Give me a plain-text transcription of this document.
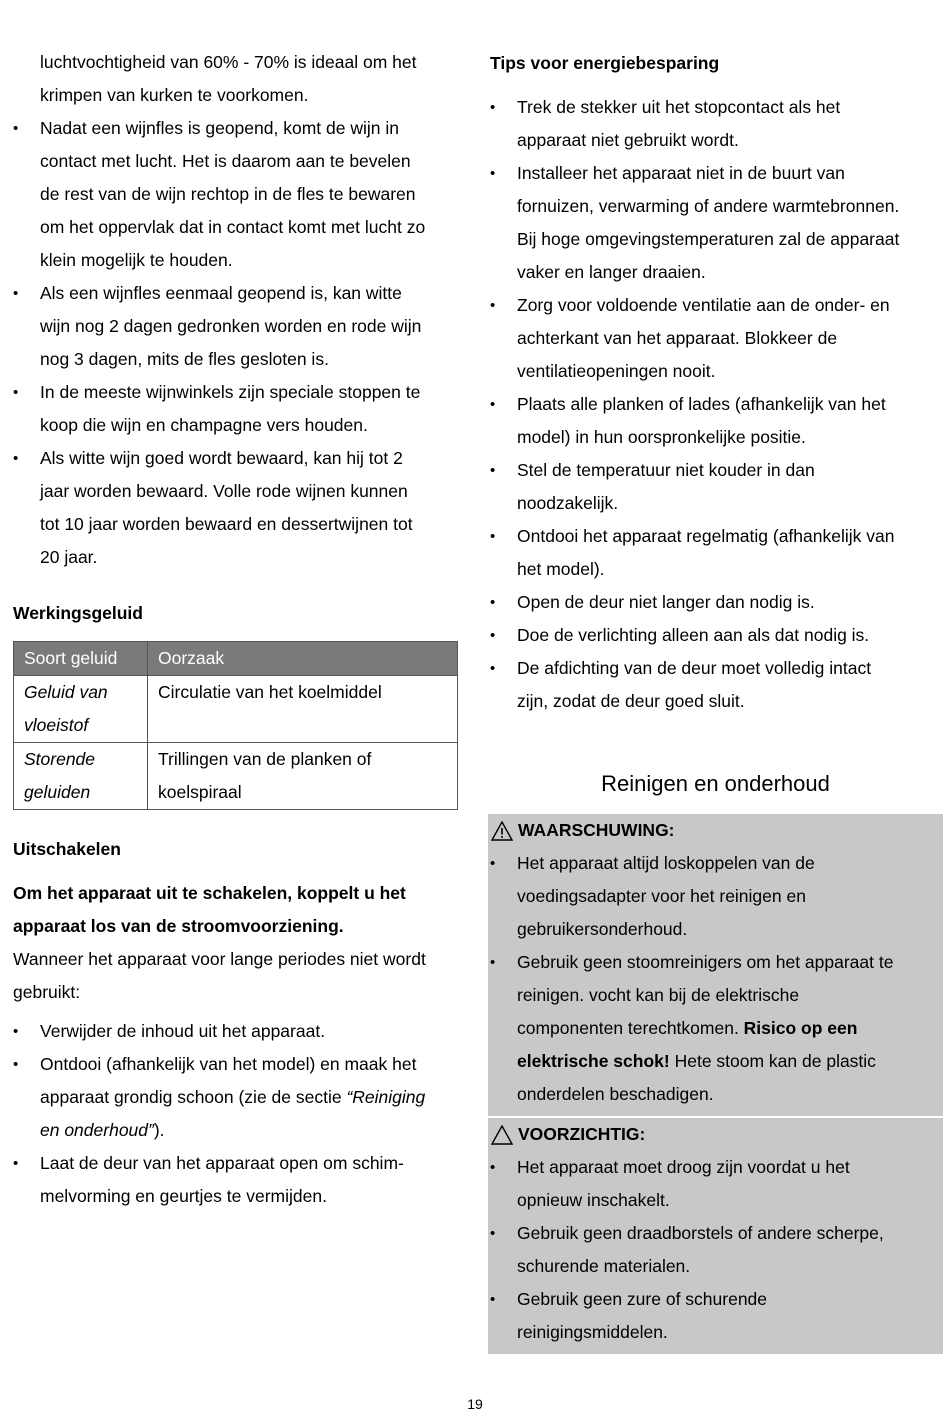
luchtvochtigheid van 60% - 70% is ideaal om het
krimpen van kurken te voorkomen.
• Nadat een wijnfles is geopend, komt de wijn in
contact met lucht. Het is daarom aan te bevelen
de rest van de wijn rechtop in de fles te bewaren
om het oppervlak dat in contact komt met lucht zo
klein mogelijk te houden.
• Als een wijnfles eenmaal geopend is, kan witte
wijn nog 2 dagen gedronken worden en rode wijn
nog 3 dagen, mits de fles gesloten is.
• In de meeste wijnwinkels zijn speciale stoppen te
koop die wijn en champagne vers houden.
• Als witte wijn goed wordt bewaard, kan hij tot 2
jaar worden bewaard. Volle rode wijnen kunnen
tot 10 jaar worden bewaard en dessertwijnen tot
20 jaar.
Werkingsgeluid
Soort geluid	Oorzaak
Geluid van vloeistof	Circulatie van het koelmiddel
Storende geluiden	Trillingen van de planken of koelspiraal
Uitschakelen
Om het apparaat uit te schakelen, koppelt u het
apparaat los van de stroomvoorziening.
Wanneer het apparaat voor lange periodes niet wordt
gebruikt:
• Verwijder de inhoud uit het apparaat.
• Ontdooi (afhankelijk van het model) en maak het
apparaat grondig schoon (zie de sectie “Reiniging
en onderhoud”).
• Laat de deur van het apparaat open om schim-
melvorming en geurtjes te vermijden.
Tips voor energiebesparing
• Trek de stekker uit het stopcontact als het
apparaat niet gebruikt wordt.
• Installeer het apparaat niet in de buurt van
fornuizen, verwarming of andere warmtebronnen.
Bij hoge omgevingstemperaturen zal de apparaat
vaker en langer draaien.
• Zorg voor voldoende ventilatie aan de onder- en
achterkant van het apparaat. Blokkeer de
ventilatieopeningen nooit.
• Plaats alle planken of lades (afhankelijk van het
model) in hun oorspronkelijke positie.
• Stel de temperatuur niet kouder in dan
noodzakelijk.
• Ontdooi het apparaat regelmatig (afhankelijk van
het model).
• Open de deur niet langer dan nodig is.
• Doe de verlichting alleen aan als dat nodig is.
• De afdichting van de deur moet volledig intact
zijn, zodat de deur goed sluit.
Reinigen en onderhoud
WAARSCHUWING:
• Het apparaat altijd loskoppelen van de
voedingsadapter voor het reinigen en
gebruikersonderhoud.
• Gebruik geen stoomreinigers om het apparaat te
reinigen. vocht kan bij de elektrische
componenten terechtkomen. Risico op een
elektrische schok! Hete stoom kan de plastic
onderdelen beschadigen.
VOORZICHTIG:
• Het apparaat moet droog zijn voordat u het
opnieuw inschakelt.
• Gebruik geen draadborstels of andere scherpe,
schurende materialen.
• Gebruik geen zure of schurende
reinigingsmiddelen.
19
